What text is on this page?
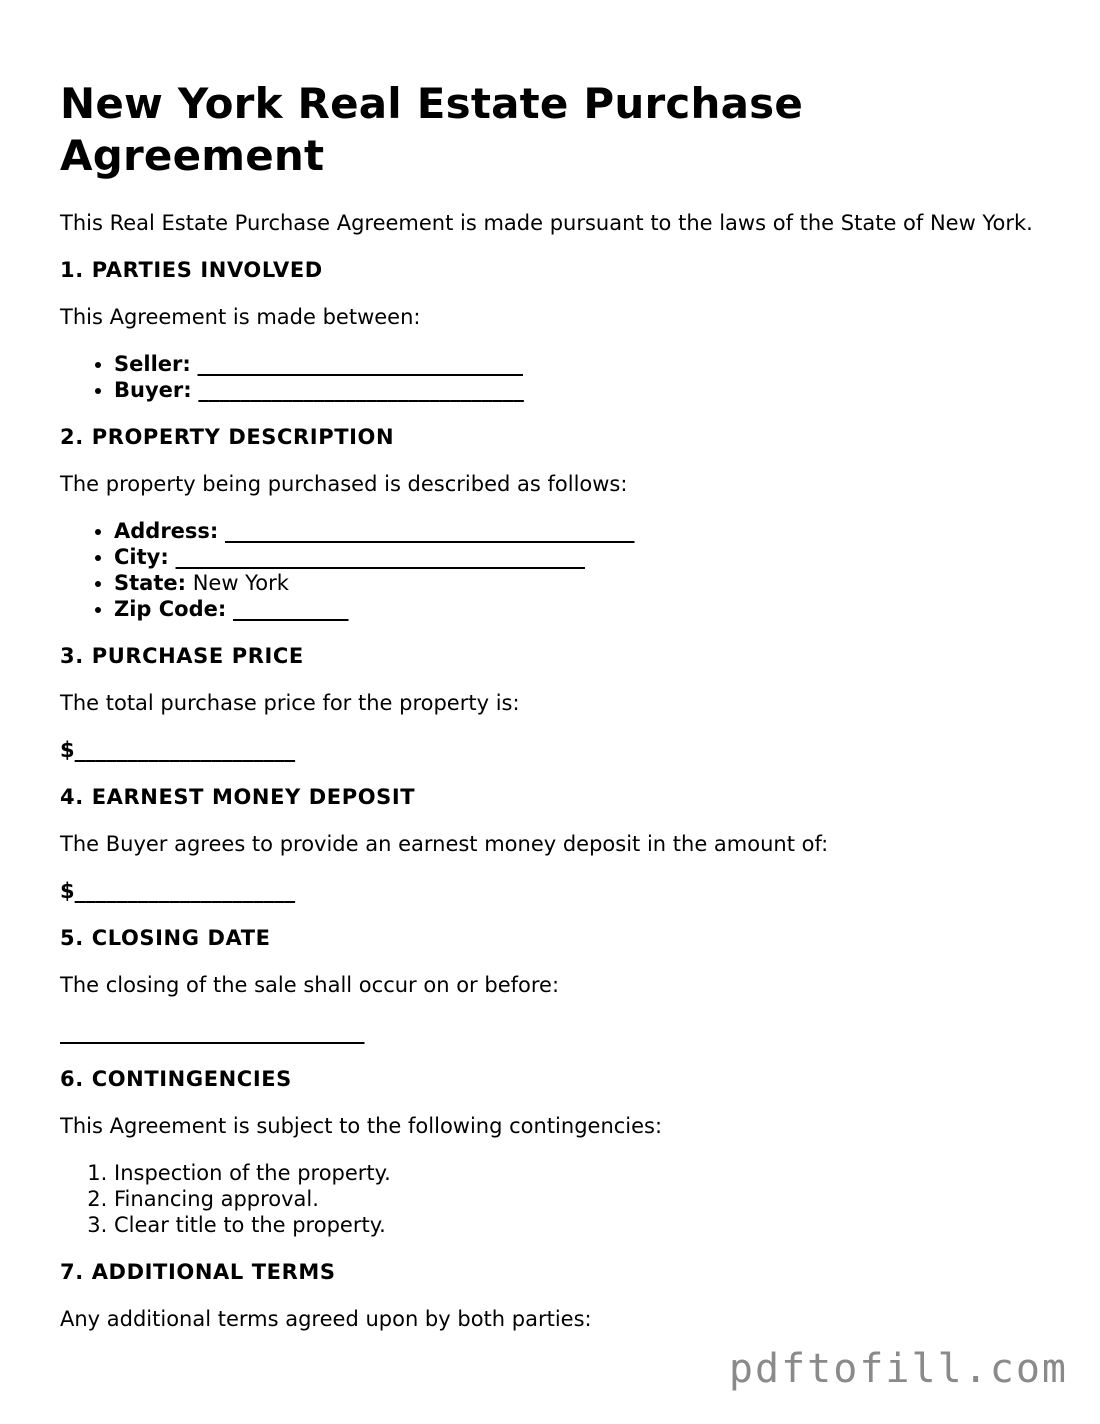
New York Real Estate Purchase Agreement

This Real Estate Purchase Agreement is made pursuant to the laws of the State of New York.

1. PARTIES INVOLVED

This Agreement is made between:

• Seller: _______________________________
• Buyer: _______________________________
2. PROPERTY DESCRIPTION

The property being purchased is described as follows:

• Address: _______________________________________
• City: _______________________________________
• State: New York
• Zip Code: ___________
3. PURCHASE PRICE

The total purchase price for the property is:

$_____________________
4. EARNEST MONEY DEPOSIT

The Buyer agrees to provide an earnest money deposit in the amount of:

$_____________________
5. CLOSING DATE

The closing of the sale shall occur on or before:

_____________________________
6. CONTINGENCIES

This Agreement is subject to the following contingencies:

1. Inspection of the property.
2. Financing approval.
3. Clear title to the property.
7. ADDITIONAL TERMS

Any additional terms agreed upon by both parties:

pdftofill.com
